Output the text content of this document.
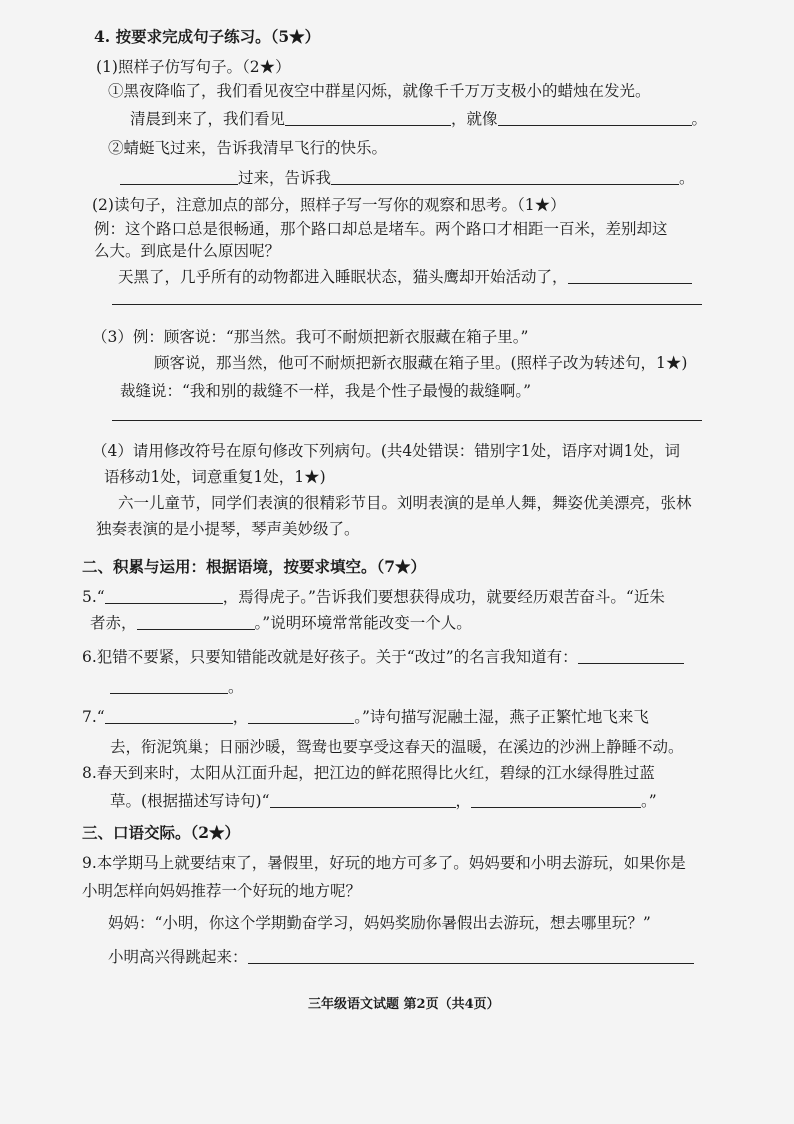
4. 按要求完成句子练习。（5★）
(1)照样子仿写句子。（2★）
①黑夜降临了，我们看见夜空中群星闪烁，就像千千万万支极小的蜡烛在发光。
清晨到来了，我们看见	，就像	。
②蜻蜓飞过来，告诉我清早飞行的快乐。
过来，告诉我	。
(2)读句子，注意加点的部分，照样子写一写你的观察和思考。（1★）
例：这个路口总是很畅通，那个路口却总是堵车。两个路口才相距一百米，差别却这
么大。到底是什么原因呢？
天黑了，几乎所有的动物都进入睡眠状态，猫头鹰却开始活动了，
（3）例：顾客说：“那当然。我可不耐烦把新衣服藏在箱子里。”
顾客说，那当然，他可不耐烦把新衣服藏在箱子里。(照样子改为转述句，1★)
裁缝说：“我和别的裁缝不一样，我是个性子最慢的裁缝啊。”
（4）请用修改符号在原句修改下列病句。(共4处错误：错别字1处，语序对调1处，词
语移动1处，词意重复1处，1★)
六一儿童节，同学们表演的很精彩节目。刘明表演的是单人舞，舞姿优美漂亮，张林
独奏表演的是小提琴，琴声美妙级了。
二、积累与运用：根据语境，按要求填空。（7★）
5.“	，焉得虎子。”告诉我们要想获得成功，就要经历艰苦奋斗。“近朱
者赤，	。”说明环境常常能改变一个人。
6.犯错不要紧，只要知错能改就是好孩子。关于“改过”的名言我知道有：
。
7.“	，	。”诗句描写泥融土湿，燕子正繁忙地飞来飞
去，衔泥筑巢；日丽沙暖，鸳鸯也要享受这春天的温暖，在溪边的沙洲上静睡不动。
8.春天到来时，太阳从江面升起，把江边的鲜花照得比火红，碧绿的江水绿得胜过蓝
草。(根据描述写诗句)“	，	。”
三、口语交际。（2★）
9.本学期马上就要结束了，暑假里，好玩的地方可多了。妈妈要和小明去游玩，如果你是
小明怎样向妈妈推荐一个好玩的地方呢？
妈妈：“小明，你这个学期勤奋学习，妈妈奖励你暑假出去游玩，想去哪里玩？”
小明高兴得跳起来：
三年级语文试题 第2页（共4页）
